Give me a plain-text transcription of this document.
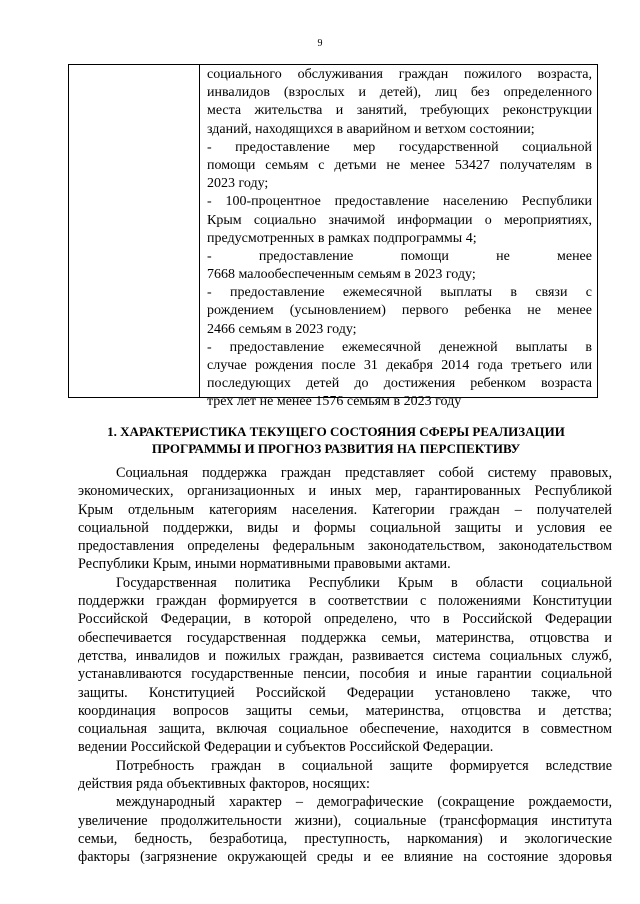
9
социального обслуживания граждан пожилого возраста,
инвалидов (взрослых и детей), лиц без определенного
места жительства и занятий, требующих реконструкции
зданий, находящихся в аварийном и ветхом состоянии;
- предоставление мер государственной социальной
помощи семьям с детьми не менее 53427 получателям в
2023 году;
- 100-процентное предоставление населению Республики
Крым социально значимой информации о мероприятиях,
предусмотренных в рамках подпрограммы 4;
- предоставление помощи не менее
7668 малообеспеченным семьям в 2023 году;
- предоставление ежемесячной выплаты в связи с
рождением (усыновлением) первого ребенка не менее
2466 семьям в 2023 году;
- предоставление ежемесячной денежной выплаты в
случае рождения после 31 декабря 2014 года третьего или
последующих детей до достижения ребенком возраста
трех лет не менее 1576 семьям в 2023 году
1. ХАРАКТЕРИСТИКА ТЕКУЩЕГО СОСТОЯНИЯ СФЕРЫ РЕАЛИЗАЦИИ
ПРОГРАММЫ И ПРОГНОЗ РАЗВИТИЯ НА ПЕРСПЕКТИВУ
Социальная поддержка граждан представляет собой систему правовых,
экономических, организационных и иных мер, гарантированных Республикой
Крым отдельным категориям населения. Категории граждан – получателей
социальной поддержки, виды и формы социальной защиты и условия ее
предоставления определены федеральным законодательством, законодательством
Республики Крым, иными нормативными правовыми актами.
Государственная политика Республики Крым в области социальной
поддержки граждан формируется в соответствии с положениями Конституции
Российской Федерации, в которой определено, что в Российской Федерации
обеспечивается государственная поддержка семьи, материнства, отцовства и
детства, инвалидов и пожилых граждан, развивается система социальных служб,
устанавливаются государственные пенсии, пособия и иные гарантии социальной
защиты. Конституцией Российской Федерации установлено также, что
координация вопросов защиты семьи, материнства, отцовства и детства;
социальная защита, включая социальное обеспечение, находится в совместном
ведении Российской Федерации и субъектов Российской Федерации.
Потребность граждан в социальной защите формируется вследствие
действия ряда объективных факторов, носящих:
международный характер – демографические (сокращение рождаемости,
увеличение продолжительности жизни), социальные (трансформация института
семьи, бедность, безработица, преступность, наркомания) и экологические
факторы (загрязнение окружающей среды и ее влияние на состояние здоровья
